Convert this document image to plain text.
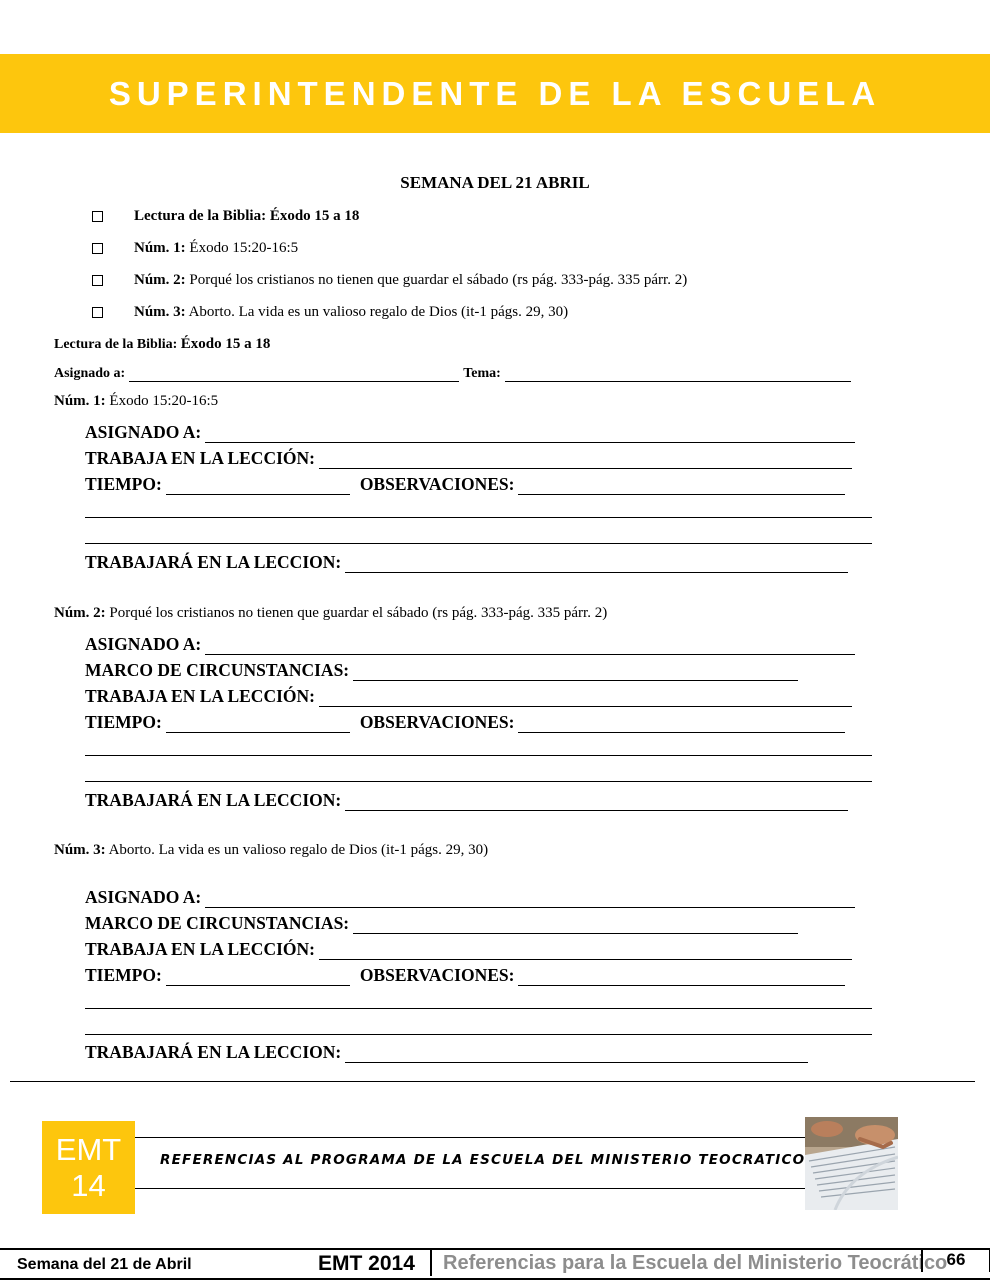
SUPERINTENDENTE DE LA ESCUELA
SEMANA DEL 21 ABRIL
Lectura de la Biblia: Éxodo 15 a 18
Núm. 1: Éxodo 15:20-16:5
Núm. 2: Porqué los cristianos no tienen que guardar el sábado (rs pág. 333-pág. 335 párr. 2)
Núm. 3: Aborto. La vida es un valioso regalo de Dios (it-1 págs. 29, 30)
Lectura de la Biblia: Éxodo 15 a 18
Asignado a:	Tema:
Núm. 1: Éxodo 15:20-16:5
ASIGNADO A:
TRABAJA EN LA LECCIÓN:
TIEMPO:	OBSERVACIONES:
TRABAJARÁ EN LA LECCION:
Núm. 2: Porqué los cristianos no tienen que guardar el sábado (rs pág. 333-pág. 335 párr. 2)
ASIGNADO A:
MARCO DE CIRCUNSTANCIAS:
TRABAJA EN LA LECCIÓN:
TIEMPO:	OBSERVACIONES:
TRABAJARÁ EN LA LECCION:
Núm. 3: Aborto. La vida es un valioso regalo de Dios (it-1 págs. 29, 30)
ASIGNADO A:
MARCO DE CIRCUNSTANCIAS:
TRABAJA EN LA LECCIÓN:
TIEMPO:	OBSERVACIONES:
TRABAJARÁ EN LA LECCION:
EMT
14
REFERENCIAS AL PROGRAMA DE LA ESCUELA DEL MINISTERIO TEOCRATICO
Semana del 21 de Abril	EMT 2014 Referencias para la Escuela del Ministerio Teocrático 66
